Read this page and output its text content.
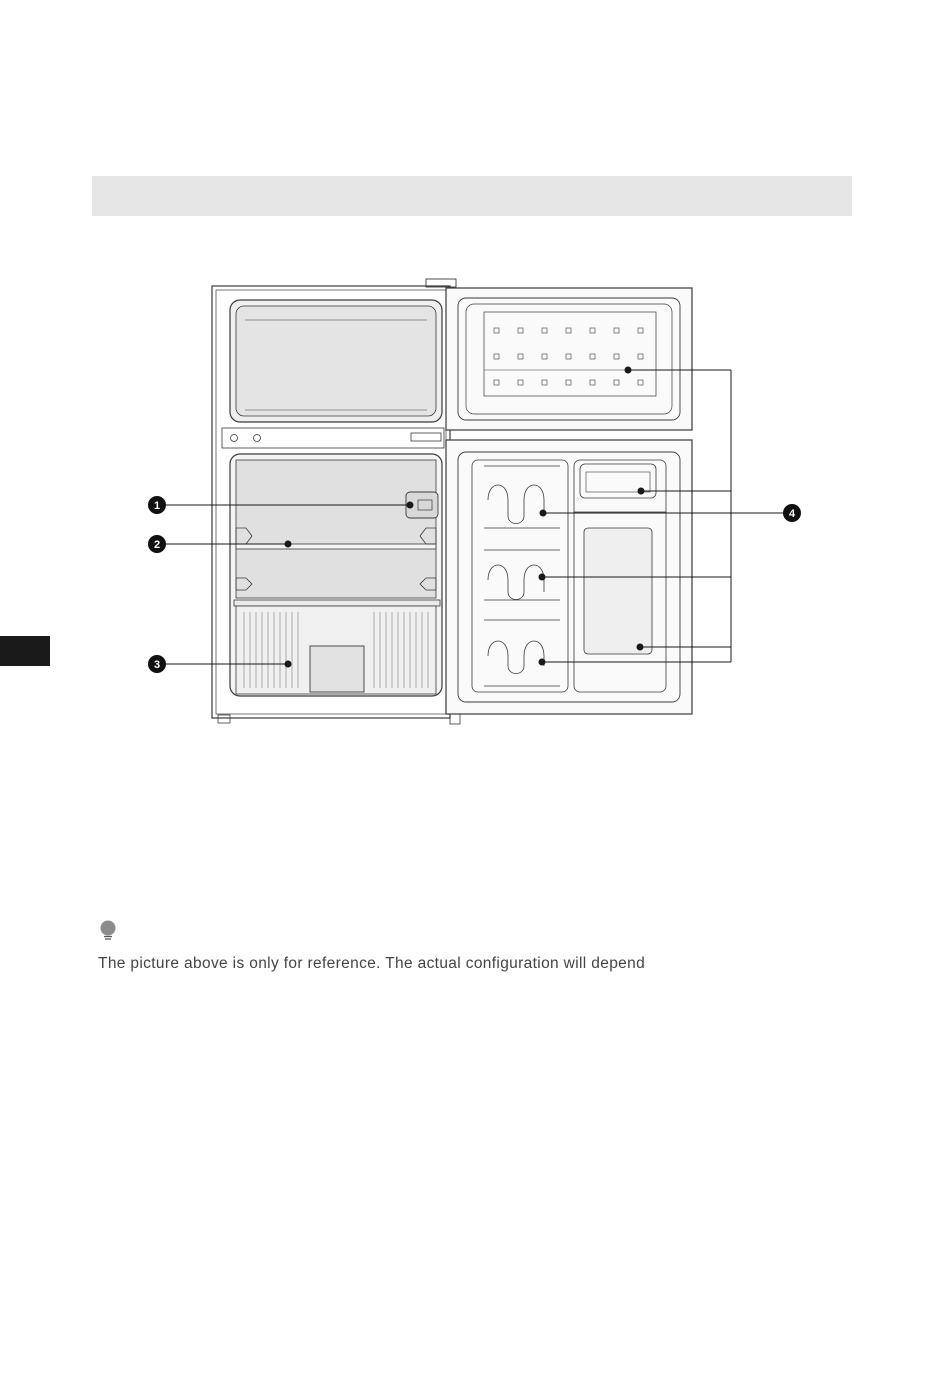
1
2
3
4
The picture above is only for reference. The actual configuration will depend
